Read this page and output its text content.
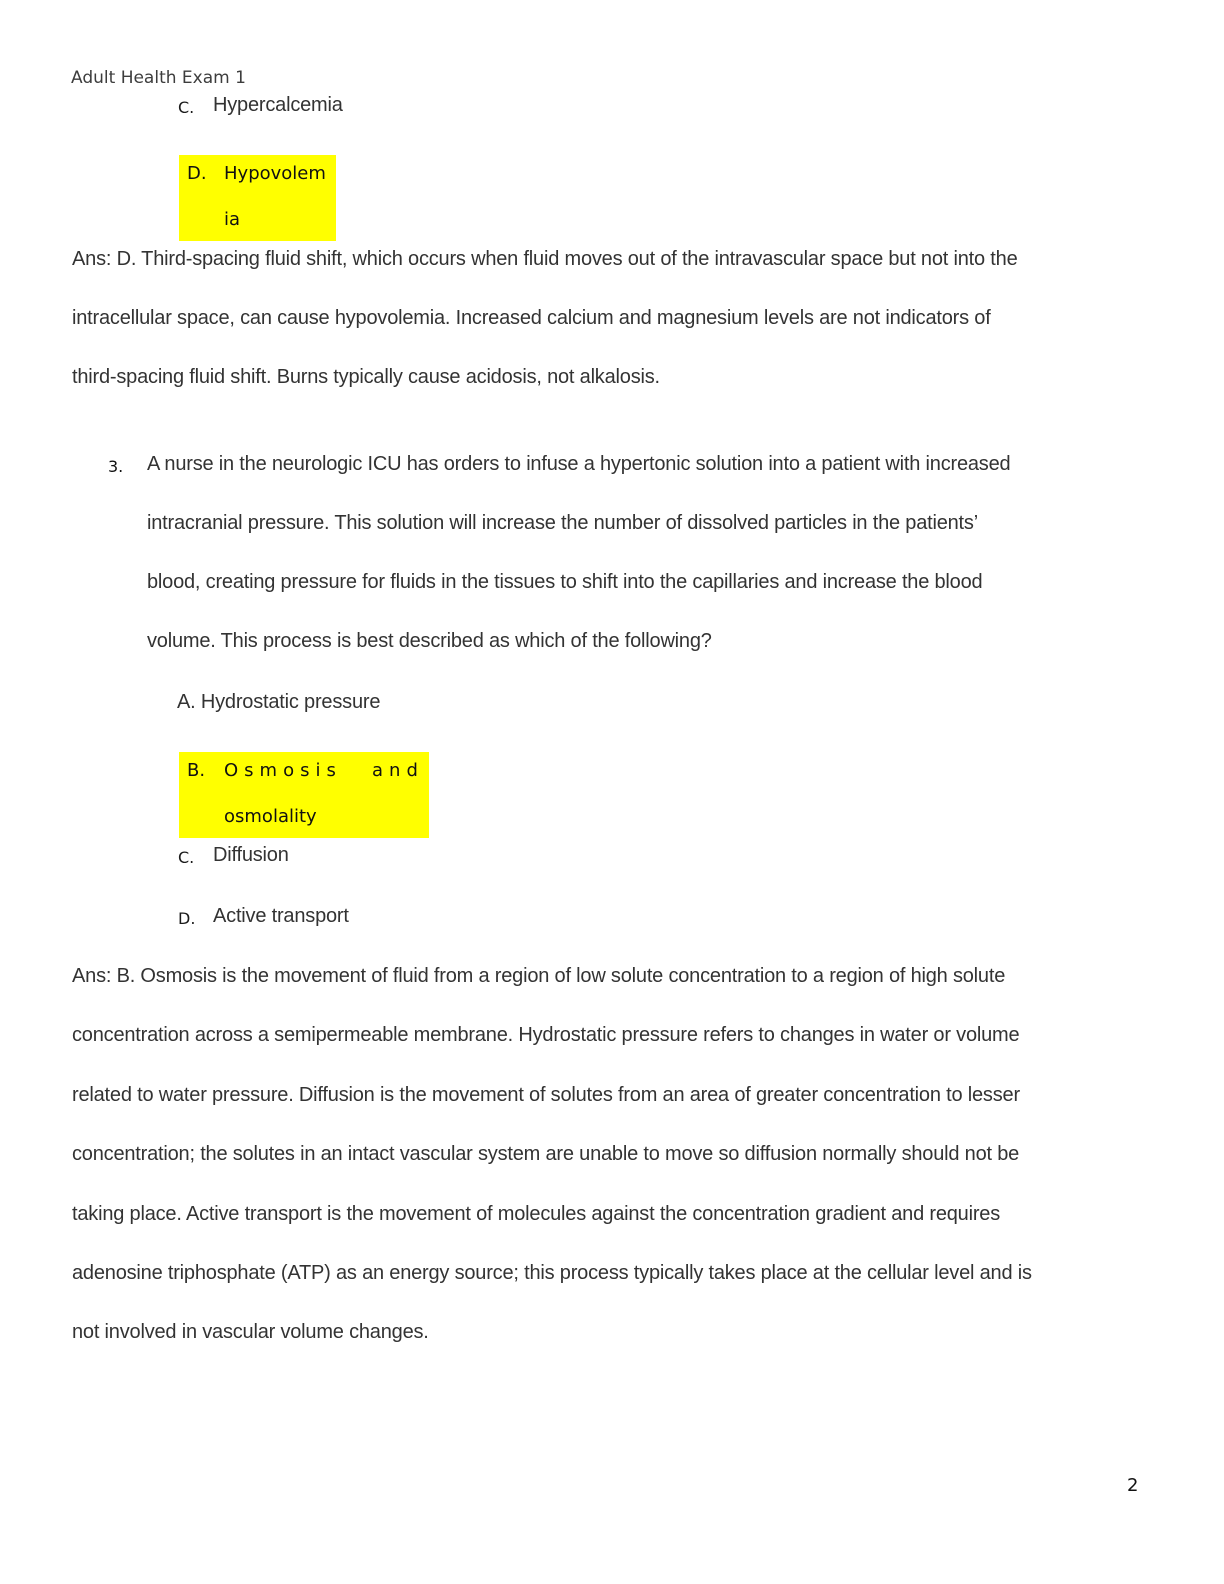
Adult Health Exam 1
C. Hypercalcemia
D. Hypovolem
ia
Ans: D. Third-spacing fluid shift, which occurs when fluid moves out of the intravascular space but not into the
intracellular space, can cause hypovolemia. Increased calcium and magnesium levels are not indicators of
third-spacing fluid shift. Burns typically cause acidosis, not alkalosis.
3. A nurse in the neurologic ICU has orders to infuse a hypertonic solution into a patient with increased
intracranial pressure. This solution will increase the number of dissolved particles in the patients’
blood, creating pressure for fluids in the tissues to shift into the capillaries and increase the blood
volume. This process is best described as which of the following?
A. Hydrostatic pressure
B. Osmosis and
osmolality
C. Diffusion
D. Active transport
Ans: B. Osmosis is the movement of fluid from a region of low solute concentration to a region of high solute
concentration across a semipermeable membrane. Hydrostatic pressure refers to changes in water or volume
related to water pressure. Diffusion is the movement of solutes from an area of greater concentration to lesser
concentration; the solutes in an intact vascular system are unable to move so diffusion normally should not be
taking place. Active transport is the movement of molecules against the concentration gradient and requires
adenosine triphosphate (ATP) as an energy source; this process typically takes place at the cellular level and is
not involved in vascular volume changes.
2
